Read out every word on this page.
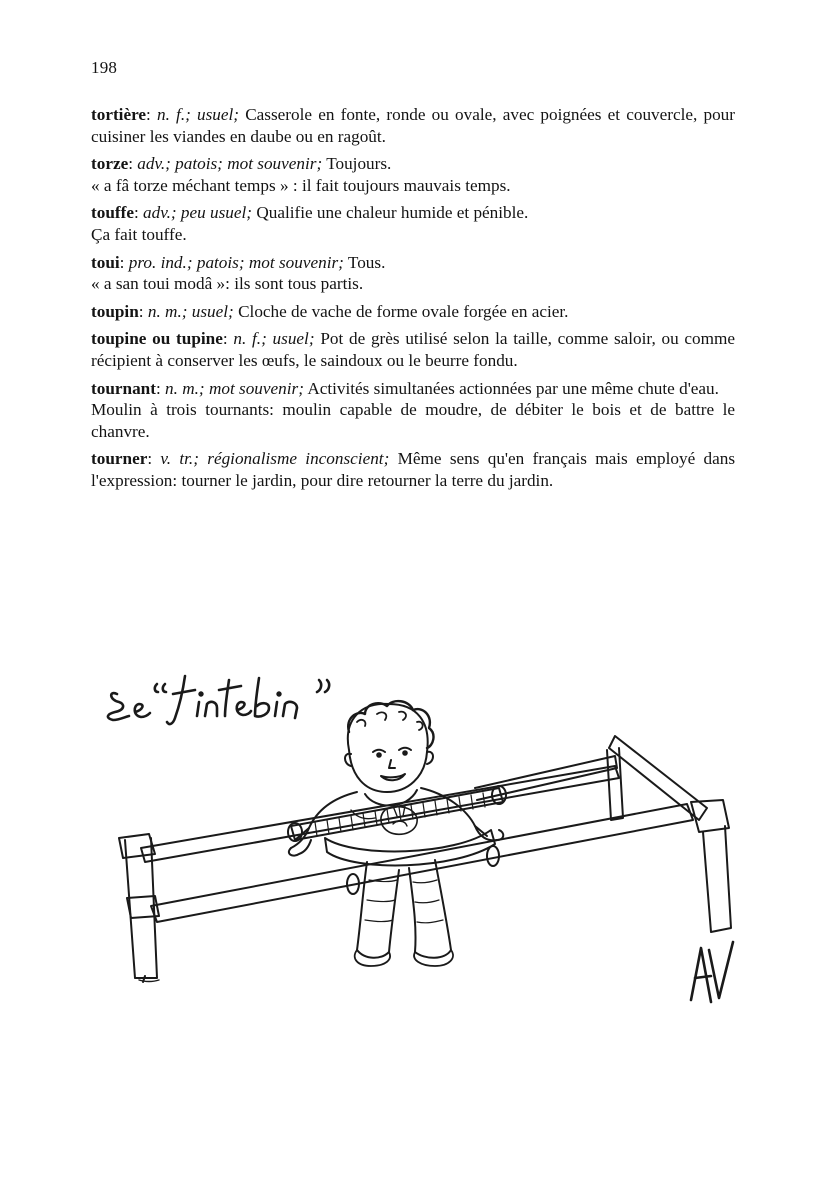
198

tortière: n. f.; usuel; Casserole en fonte, ronde ou ovale, avec poignées et couvercle, pour cuisiner les viandes en daube ou en ragoût.

torze: adv.; patois; mot souvenir; Toujours.

« a fâ torze méchant temps » : il fait toujours mauvais temps.

touffe: adv.; peu usuel; Qualifie une chaleur humide et pénible.

Ça fait touffe.

toui: pro. ind.; patois; mot souvenir; Tous.

« a san toui modâ »: ils sont tous partis.

toupin: n. m.; usuel; Cloche de vache de forme ovale forgée en acier.

toupine ou tupine: n. f.; usuel; Pot de grès utilisé selon la taille, comme saloir, ou comme récipient à conserver les œufs, le saindoux ou le beurre fondu.

tournant: n. m.; mot souvenir; Activités simultanées actionnées par une même chute d'eau.

Moulin à trois tournants: moulin capable de moudre, de débiter le bois et de battre le chanvre.

tourner: v. tr.; régionalisme inconscient; Même sens qu'en français mais employé dans l'expression: tourner le jardin, pour dire retourner la terre du jardin.
